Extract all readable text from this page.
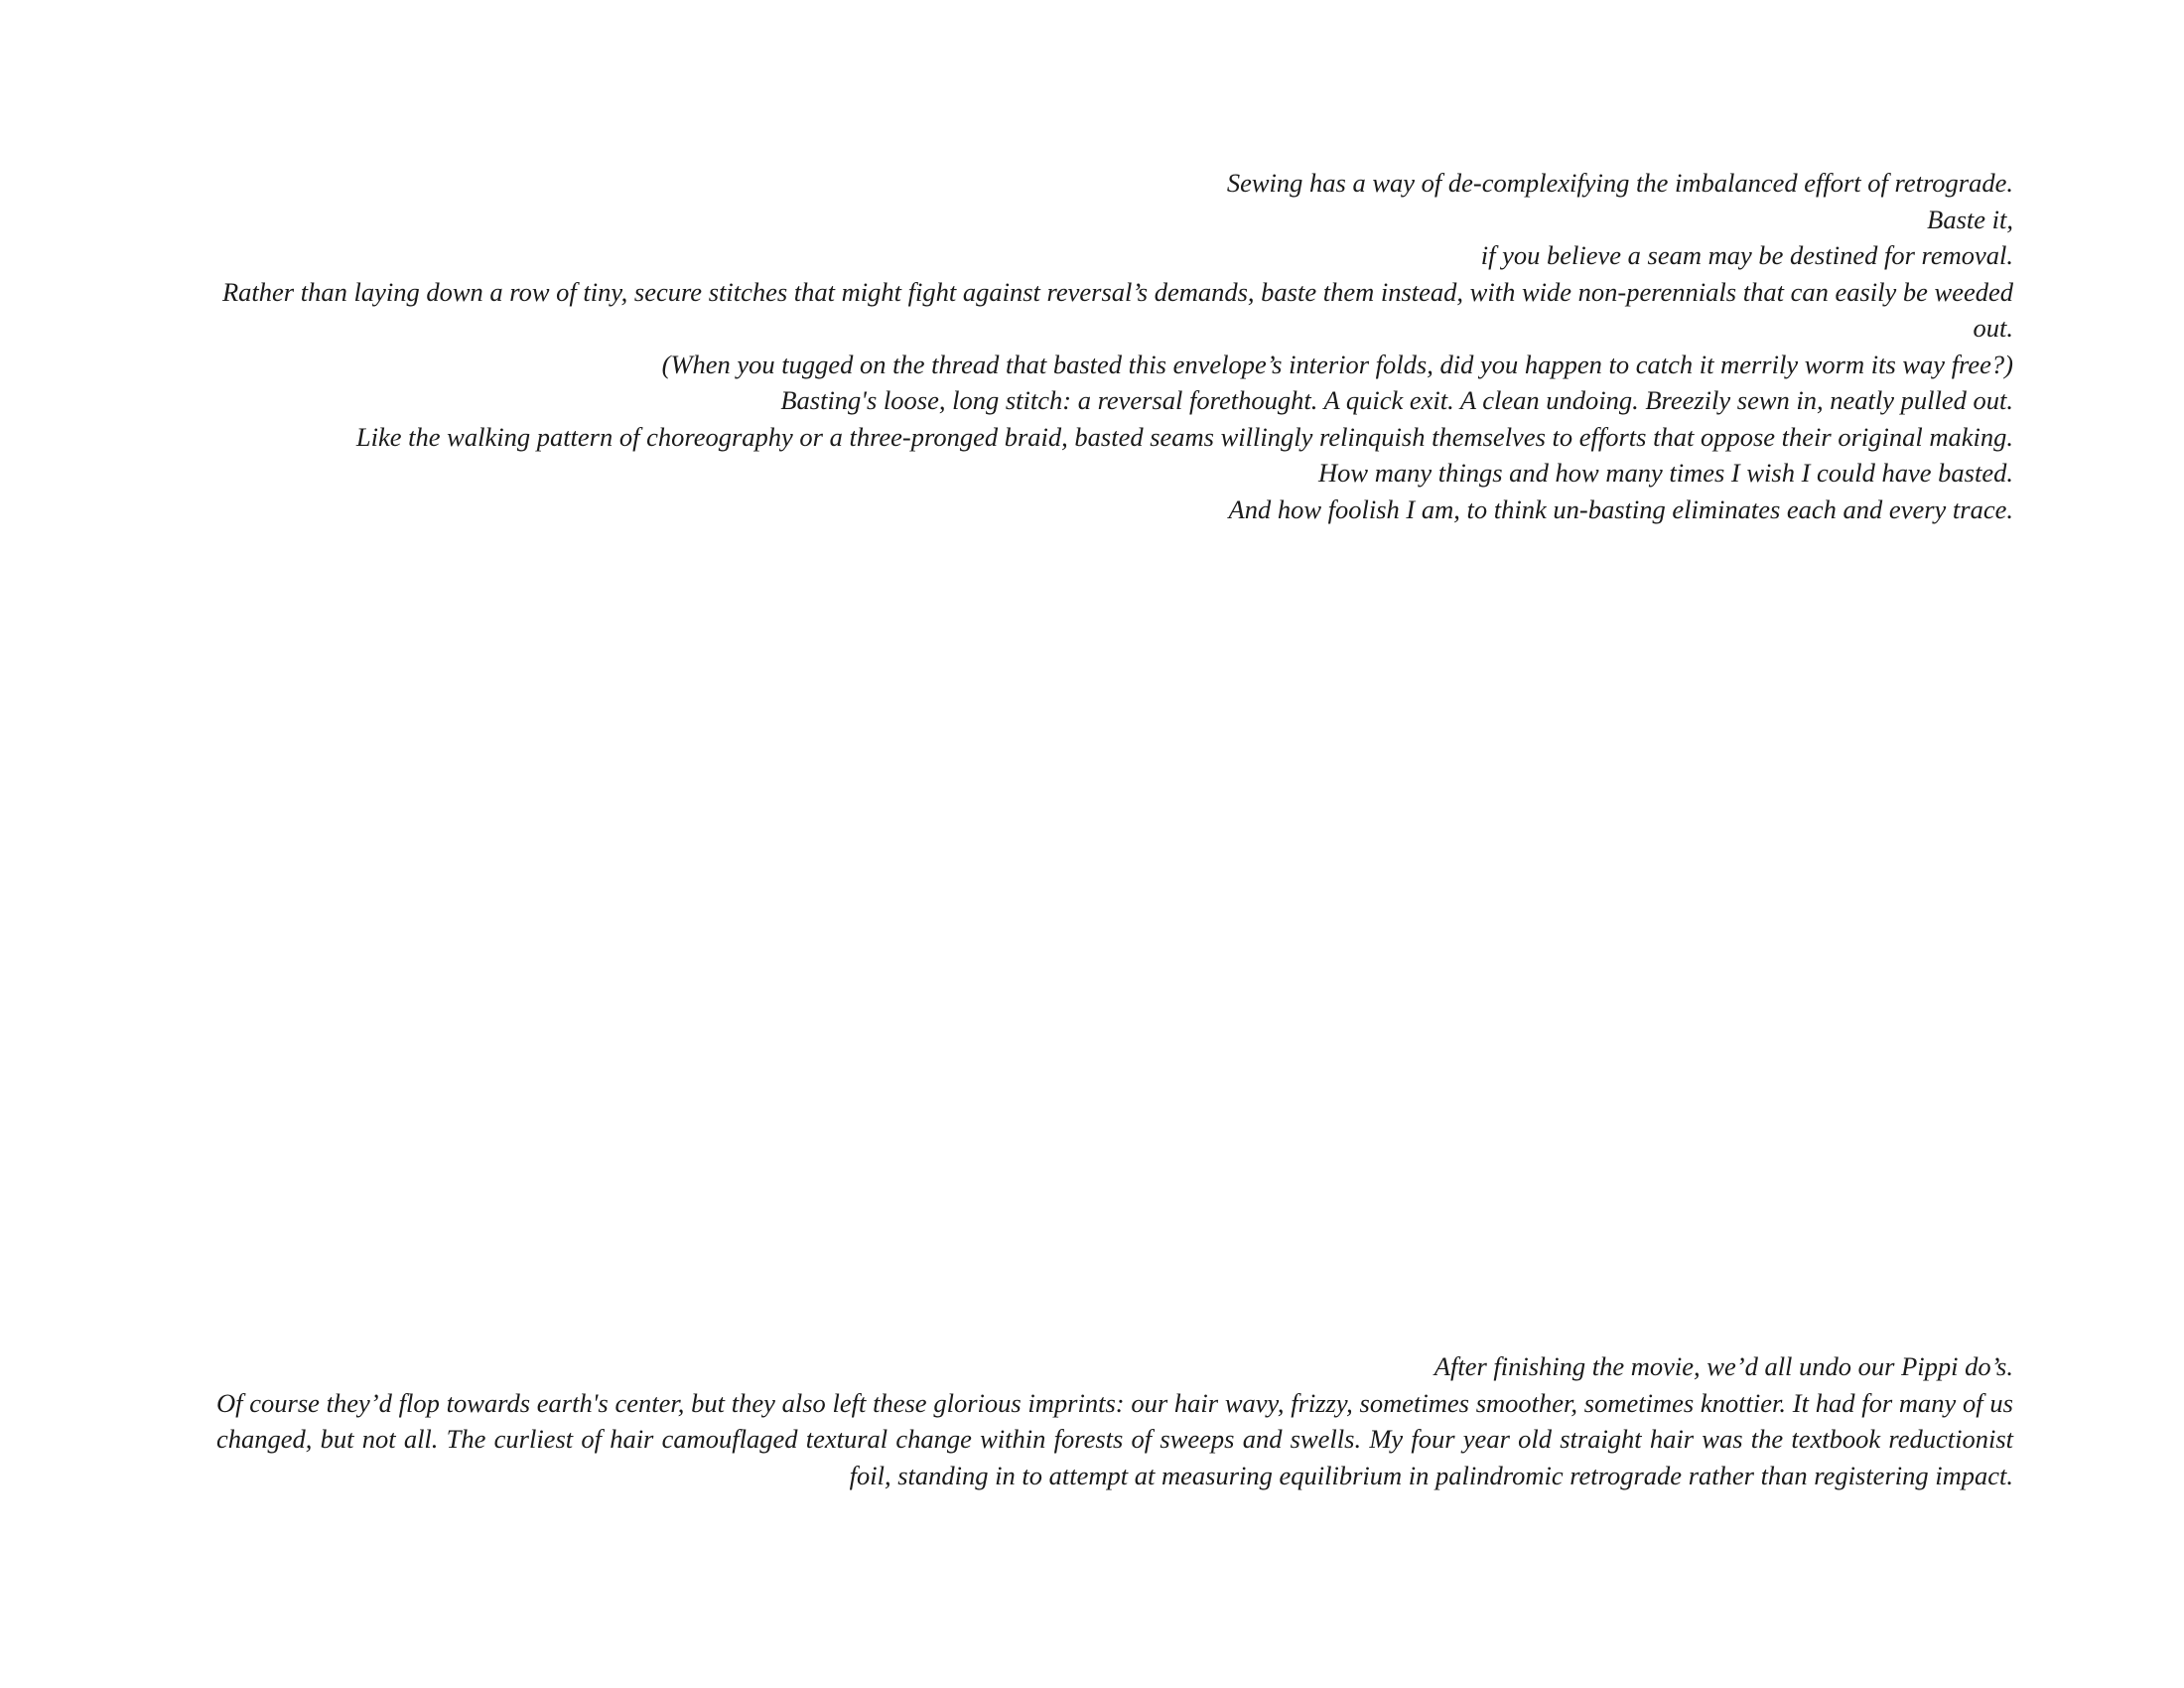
Sewing has a way of de-complexifying the imbalanced effort of retrograde.

Baste it,

if you believe a seam may be destined for removal.

Rather than laying down a row of tiny, secure stitches that might fight against reversal’s demands, baste them instead, with wide non-perennials that can easily be weeded out.

(When you tugged on the thread that basted this envelope’s interior folds, did you happen to catch it merrily worm its way free?)

Basting's loose, long stitch: a reversal forethought. A quick exit. A clean undoing. Breezily sewn in, neatly pulled out.

Like the walking pattern of choreography or a three-pronged braid, basted seams willingly relinquish themselves to efforts that oppose their original making.

How many things and how many times I wish I could have basted.

And how foolish I am, to think un-basting eliminates each and every trace.

After finishing the movie, we’d all undo our Pippi do’s.

Of course they’d flop towards earth's center, but they also left these glorious imprints: our hair wavy, frizzy, sometimes smoother, sometimes knottier. It had for many of us changed, but not all. The curliest of hair camouflaged textural change within forests of sweeps and swells. My four year old straight hair was the textbook reductionist foil, standing in to attempt at measuring equilibrium in palindromic retrograde rather than registering impact.
